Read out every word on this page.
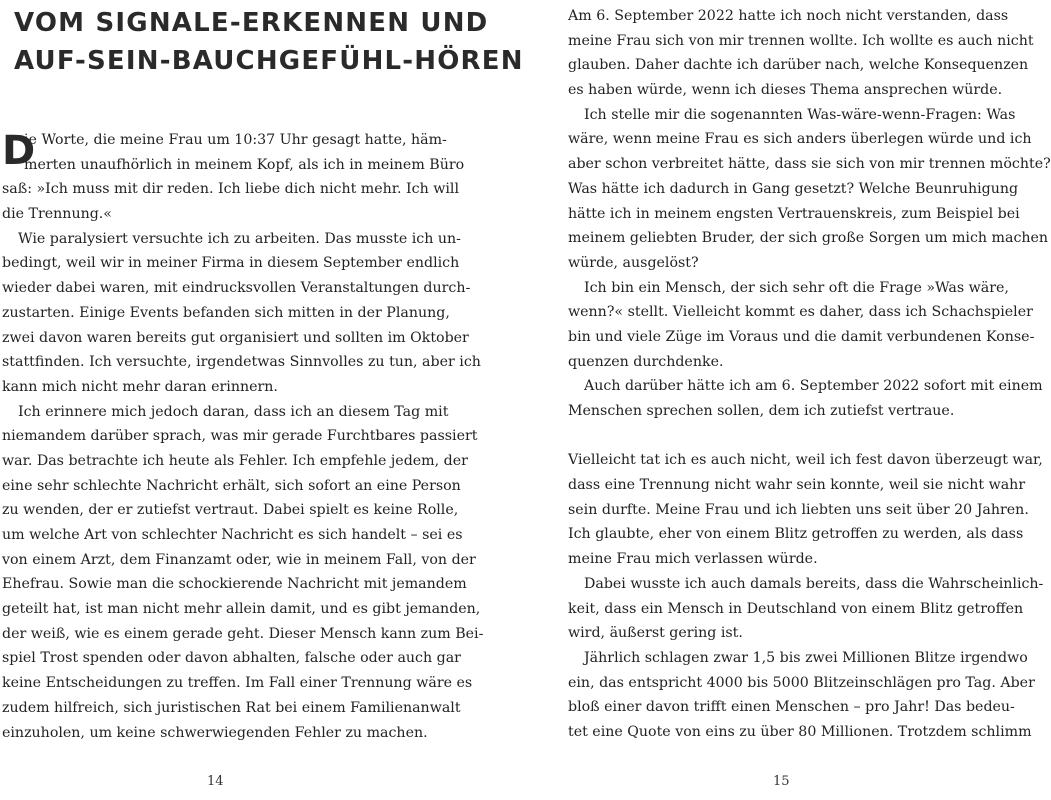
VOM SIGNALE-ERKENNEN UND
AUF-SEIN-BAUCHGEFÜHL-HÖREN
D
ie Worte, die meine Frau um 10:37 Uhr gesagt hatte, häm-
merten unaufhörlich in meinem Kopf, als ich in meinem Büro
saß: »Ich muss mit dir reden. Ich liebe dich nicht mehr. Ich will
die Trennung.«
Wie paralysiert versuchte ich zu arbeiten. Das musste ich un-
bedingt, weil wir in meiner Firma in diesem September endlich
wieder dabei waren, mit eindrucksvollen Veranstaltungen durch-
zustarten. Einige Events befanden sich mitten in der Planung,
zwei davon waren bereits gut organisiert und sollten im Oktober
stattfinden. Ich versuchte, irgendetwas Sinnvolles zu tun, aber ich
kann mich nicht mehr daran erinnern.
Ich erinnere mich jedoch daran, dass ich an diesem Tag mit
niemandem darüber sprach, was mir gerade Furchtbares passiert
war. Das betrachte ich heute als Fehler. Ich empfehle jedem, der
eine sehr schlechte Nachricht erhält, sich sofort an eine Person
zu wenden, der er zutiefst vertraut. Dabei spielt es keine Rolle,
um welche Art von schlechter Nachricht es sich handelt – sei es
von einem Arzt, dem Finanzamt oder, wie in meinem Fall, von der
Ehefrau. Sowie man die schockierende Nachricht mit jemandem
geteilt hat, ist man nicht mehr allein damit, und es gibt jemanden,
der weiß, wie es einem gerade geht. Dieser Mensch kann zum Bei-
spiel Trost spenden oder davon abhalten, falsche oder auch gar
keine Entscheidungen zu treffen. Im Fall einer Trennung wäre es
zudem hilfreich, sich juristischen Rat bei einem Familienanwalt
einzuholen, um keine schwerwiegenden Fehler zu machen.
14
Am 6. September 2022 hatte ich noch nicht verstanden, dass
meine Frau sich von mir trennen wollte. Ich wollte es auch nicht
glauben. Daher dachte ich darüber nach, welche Konsequenzen
es haben würde, wenn ich dieses Thema ansprechen würde.
Ich stelle mir die sogenannten Was-wäre-wenn-Fragen: Was
wäre, wenn meine Frau es sich anders überlegen würde und ich
aber schon verbreitet hätte, dass sie sich von mir trennen möchte?
Was hätte ich dadurch in Gang gesetzt? Welche Beunruhigung
hätte ich in meinem engsten Vertrauenskreis, zum Beispiel bei
meinem geliebten Bruder, der sich große Sorgen um mich machen
würde, ausgelöst?
Ich bin ein Mensch, der sich sehr oft die Frage »Was wäre,
wenn?« stellt. Vielleicht kommt es daher, dass ich Schachspieler
bin und viele Züge im Voraus und die damit verbundenen Konse-
quenzen durchdenke.
Auch darüber hätte ich am 6. September 2022 sofort mit einem
Menschen sprechen sollen, dem ich zutiefst vertraue.
Vielleicht tat ich es auch nicht, weil ich fest davon überzeugt war,
dass eine Trennung nicht wahr sein konnte, weil sie nicht wahr
sein durfte. Meine Frau und ich liebten uns seit über 20 Jahren.
Ich glaubte, eher von einem Blitz getroffen zu werden, als dass
meine Frau mich verlassen würde.
Dabei wusste ich auch damals bereits, dass die Wahrscheinlich-
keit, dass ein Mensch in Deutschland von einem Blitz getroffen
wird, äußerst gering ist.
Jährlich schlagen zwar 1,5 bis zwei Millionen Blitze irgendwo
ein, das entspricht 4000 bis 5000 Blitzeinschlägen pro Tag. Aber
bloß einer davon trifft einen Menschen – pro Jahr! Das bedeu-
tet eine Quote von eins zu über 80 Millionen. Trotzdem schlimm
15
